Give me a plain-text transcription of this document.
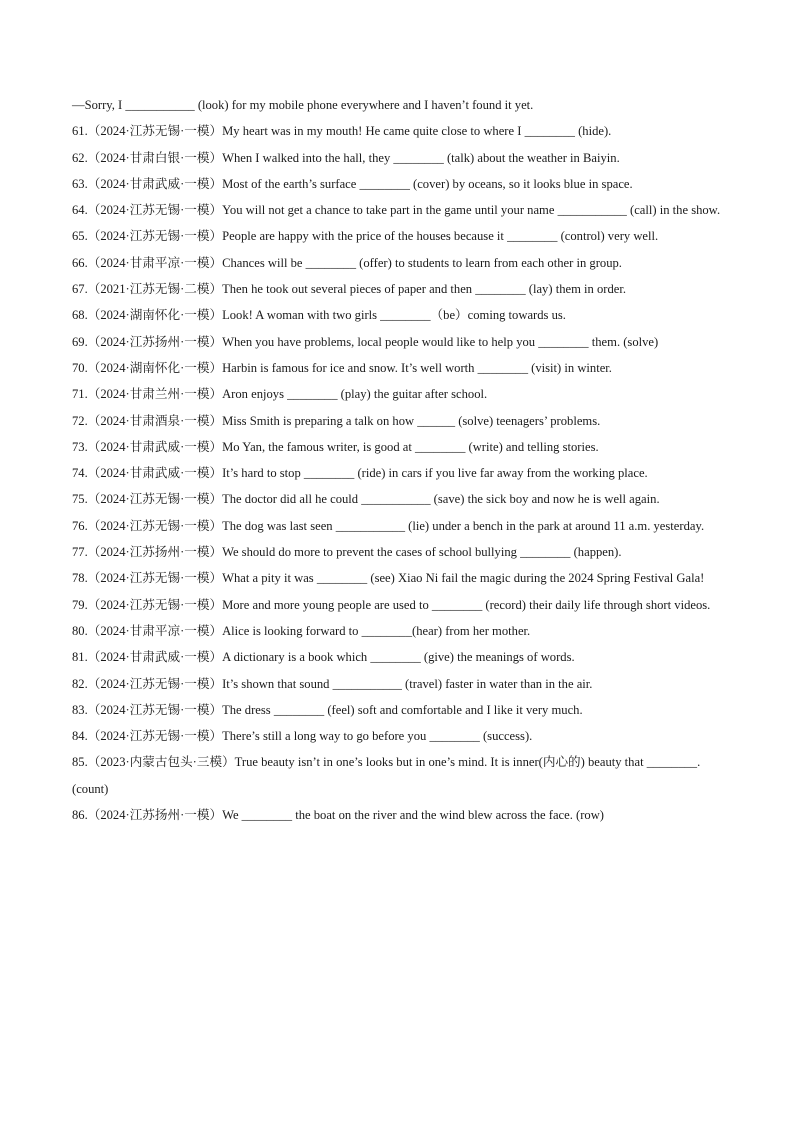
—Sorry, I ___________ (look) for my mobile phone everywhere and I haven’t found it yet.
61.（2024·江苏无锡·一模）My heart was in my mouth! He came quite close to where I ________ (hide).
62.（2024·甘肃白银·一模）When I walked into the hall, they ________ (talk) about the weather in Baiyin.
63.（2024·甘肃武威·一模）Most of the earth’s surface ________ (cover) by oceans, so it looks blue in space.
64.（2024·江苏无锡·一模）You will not get a chance to take part in the game until your name ___________ (call) in the show.
65.（2024·江苏无锡·一模）People are happy with the price of the houses because it ________ (control) very well.
66.（2024·甘肃平凉·一模）Chances will be ________ (offer) to students to learn from each other in group.
67.（2021·江苏无锡·二模）Then he took out several pieces of paper and then ________ (lay) them in order.
68.（2024·湖南怀化·一模）Look! A woman with two girls ________（be）coming towards us.
69.（2024·江苏扬州·一模）When you have problems, local people would like to help you ________ them. (solve)
70.（2024·湖南怀化·一模）Harbin is famous for ice and snow. It’s well worth ________ (visit) in winter.
71.（2024·甘肃兰州·一模）Aron enjoys ________ (play) the guitar after school.
72.（2024·甘肃酒泉·一模）Miss Smith is preparing a talk on how ______ (solve) teenagers’ problems.
73.（2024·甘肃武威·一模）Mo Yan, the famous writer, is good at ________ (write) and telling stories.
74.（2024·甘肃武威·一模）It’s hard to stop ________ (ride) in cars if you live far away from the working place.
75.（2024·江苏无锡·一模）The doctor did all he could ___________ (save) the sick boy and now he is well again.
76.（2024·江苏无锡·一模）The dog was last seen ___________ (lie) under a bench in the park at around 11 a.m. yesterday.
77.（2024·江苏扬州·一模）We should do more to prevent the cases of school bullying ________ (happen).
78.（2024·江苏无锡·一模）What a pity it was ________ (see) Xiao Ni fail the magic during the 2024 Spring Festival Gala!
79.（2024·江苏无锡·一模）More and more young people are used to ________ (record) their daily life through short videos.
80.（2024·甘肃平凉·一模）Alice is looking forward to ________(hear) from her mother.
81.（2024·甘肃武威·一模）A dictionary is a book which ________ (give) the meanings of words.
82.（2024·江苏无锡·一模）It’s shown that sound ___________ (travel) faster in water than in the air.
83.（2024·江苏无锡·一模）The dress ________ (feel) soft and comfortable and I like it very much.
84.（2024·江苏无锡·一模）There’s still a long way to go before you ________ (success).
85.（2023·内蒙古包头·三模）True beauty isn’t in one’s looks but in one’s mind. It is inner(内心的) beauty that ________. (count)
86.（2024·江苏扬州·一模）We ________ the boat on the river and the wind blew across the face. (row)
